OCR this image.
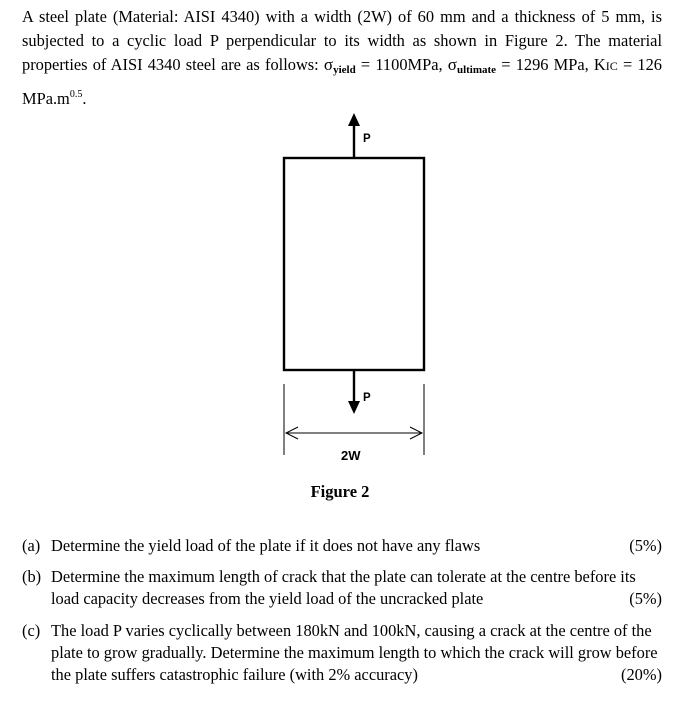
A steel plate (Material: AISI 4340) with a width (2W) of 60 mm and a thickness of 5 mm, is subjected to a cyclic load P perpendicular to its width as shown in Figure 2. The material properties of AISI 4340 steel are as follows: $\sigma_{yield} = 1100MPa$, $\sigma_{ultimate} = 1296$ MPa, KIC = 126 $MPa.m^{0.5}$.
P
P
2W
Figure 2
(a)	(5%)
Determine the yield load of the plate if it does not have any flaws
(b) Determine the maximum length of crack that the plate can tolerate at the centre before its load capacity decreases from the yield load of the uncracked plate	(5%)
(c) The load P varies cyclically between 180kN and 100kN, causing a crack at the centre of the plate to grow gradually. Determine the maximum length to which the crack will grow before the plate suffers catastrophic failure (with 2% accuracy)	(20%)
